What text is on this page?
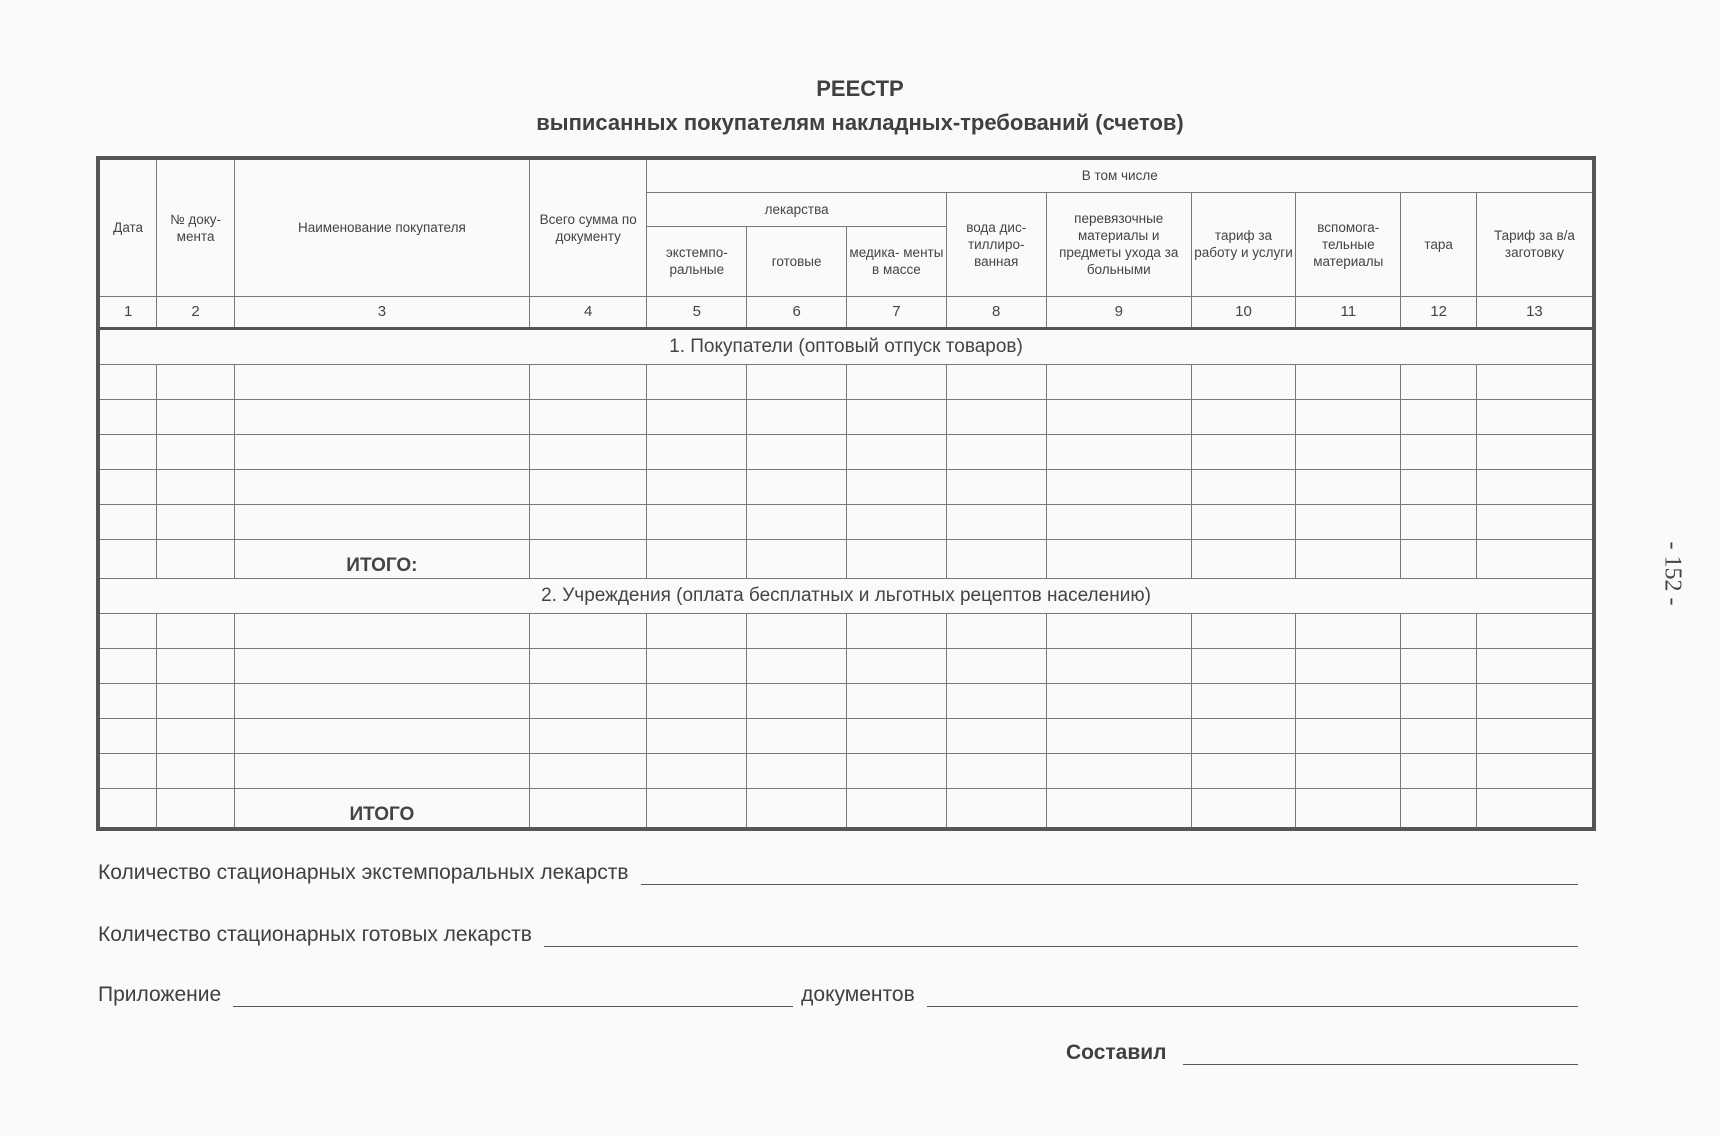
РЕЕСТР
выписанных покупателям накладных-требований (счетов)
- 152 -
Дата	№ доку- мента	Наименование покупателя	Всего сумма по документу	В том числе								
				лекарства			вода дис- тиллиро- ванная	перевязочные материалы и предметы ухода за больными	тариф за работу и услуги	вспомога- тельные материалы	тара	Тариф за в/а заготовку
				экстемпо- ральные	готовые	медика- менты в массе						
1	2	3	4	5	6	7	8	9	10	11	12	13
1. Покупатели (оптовый отпуск товаров)												

		ИТОГО:										
2. Учреждения (оплата бесплатных и льготных рецептов населению)												

		ИТОГО										
Количество стационарных экстемпоральных лекарств
Количество стационарных готовых лекарств
Приложение	документов
Составил
